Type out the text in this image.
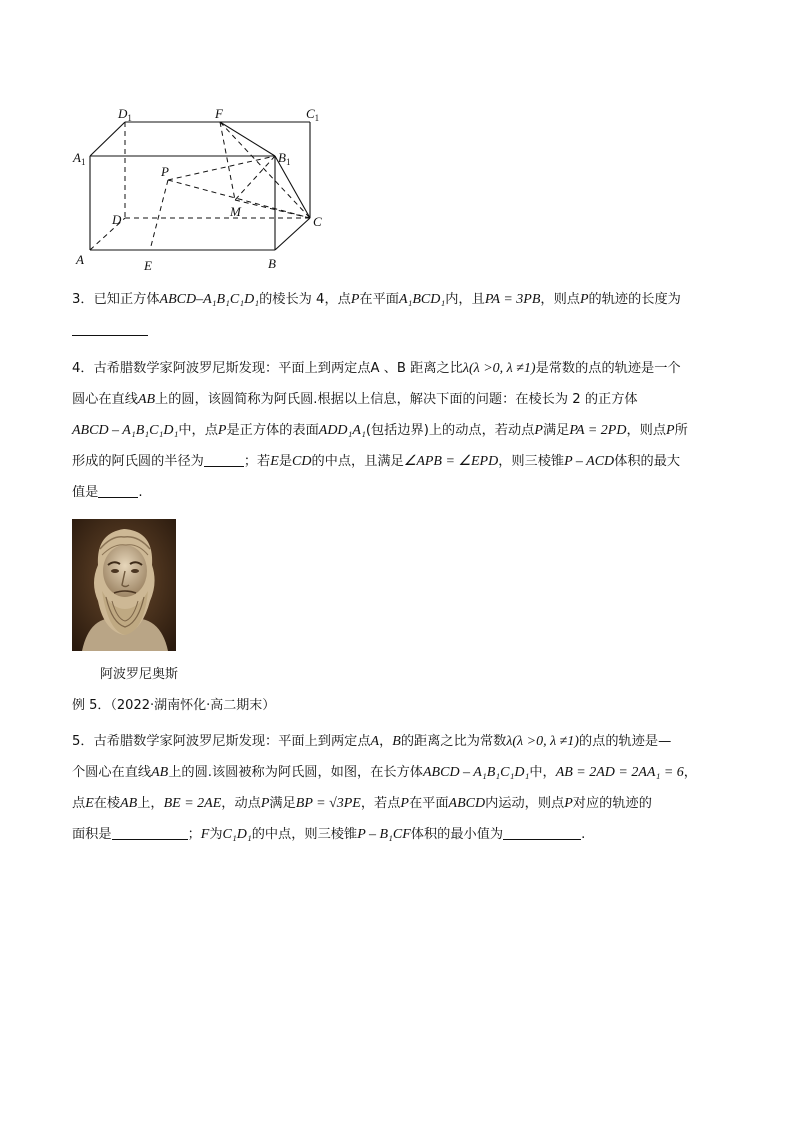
A	E	B
C
D
M
P
F
$A_1$	$B_1$
$C_1$
$D_1$
3．已知正方体ABCD–A₁B₁C₁D₁的棱长为 4，点P在平面A₁BCD₁内，且PA = 3PB，则点P的轨迹的长度为
4．古希腊数学家阿波罗尼斯发现：平面上到两定点A 、B 距离之比λ(λ >0, λ ≠1)是常数的点的轨迹是一个
圆心在直线AB上的圆，该圆简称为阿氏圆.根据以上信息，解决下面的问题：在棱长为 2 的正方体
ABCD – A₁B₁C₁D₁中，点P是正方体的表面ADD₁A₁(包括边界)上的动点，若动点P满足PA = 2PD，则点P所
形成的阿氏圆的半径为	；若E是CD的中点，且满足∠APB = ∠EPD，则三棱锥P – ACD体积的最大
值是	.
阿波罗尼奥斯
例 5．（2022·湖南怀化·高二期末）
5．古希腊数学家阿波罗尼斯发现：平面上到两定点A，B的距离之比为常数λ(λ >0, λ ≠1)的点的轨迹是—
个圆心在直线AB上的圆.该圆被称为阿氏圆，如图，在长方体ABCD – A₁B₁C₁D₁中，AB = 2AD = 2AA₁ = 6，
点E在棱AB上，BE = 2AE，动点P满足BP = √3PE，若点P在平面ABCD内运动，则点P对应的轨迹的
面积是	；F为C₁D₁的中点，则三棱锥P – B₁CF体积的最小值为	.
